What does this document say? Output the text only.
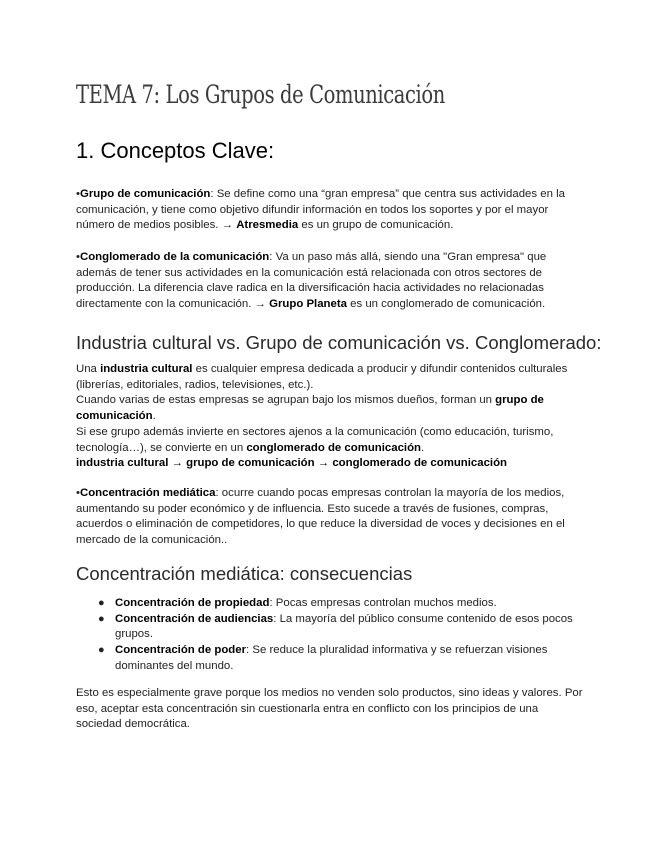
TEMA 7: Los Grupos de Comunicación
1. Conceptos Clave:

•Grupo de comunicación: Se define como una “gran empresa” que centra sus actividades en la comunicación, y tiene como objetivo difundir información en todos los soportes y por el mayor número de medios posibles. → Atresmedia es un grupo de comunicación.

•Conglomerado de la comunicación: Va un paso más allá, siendo una "Gran empresa" que además de tener sus actividades en la comunicación está relacionada con otros sectores de producción. La diferencia clave radica en la diversificación hacia actividades no relacionadas directamente con la comunicación. → Grupo Planeta es un conglomerado de comunicación.

Industria cultural vs. Grupo de comunicación vs. Conglomerado:

Una industria cultural es cualquier empresa dedicada a producir y difundir contenidos culturales (librerías, editoriales, radios, televisiones, etc.).
Cuando varias de estas empresas se agrupan bajo los mismos dueños, forman un grupo de comunicación.
Si ese grupo además invierte en sectores ajenos a la comunicación (como educación, turismo, tecnología…), se convierte en un conglomerado de comunicación.
industria cultural → grupo de comunicación → conglomerado de comunicación

•Concentración mediática: ocurre cuando pocas empresas controlan la mayoría de los medios, aumentando su poder económico y de influencia. Esto sucede a través de fusiones, compras, acuerdos o eliminación de competidores, lo que reduce la diversidad de voces y decisiones en el mercado de la comunicación..

Concentración mediática: consecuencias
● Concentración de propiedad: Pocas empresas controlan muchos medios.
● Concentración de audiencias: La mayoría del público consume contenido de esos pocos grupos.
● Concentración de poder: Se reduce la pluralidad informativa y se refuerzan visiones dominantes del mundo.

Esto es especialmente grave porque los medios no venden solo productos, sino ideas y valores. Por eso, aceptar esta concentración sin cuestionarla entra en conflicto con los principios de una sociedad democrática.
